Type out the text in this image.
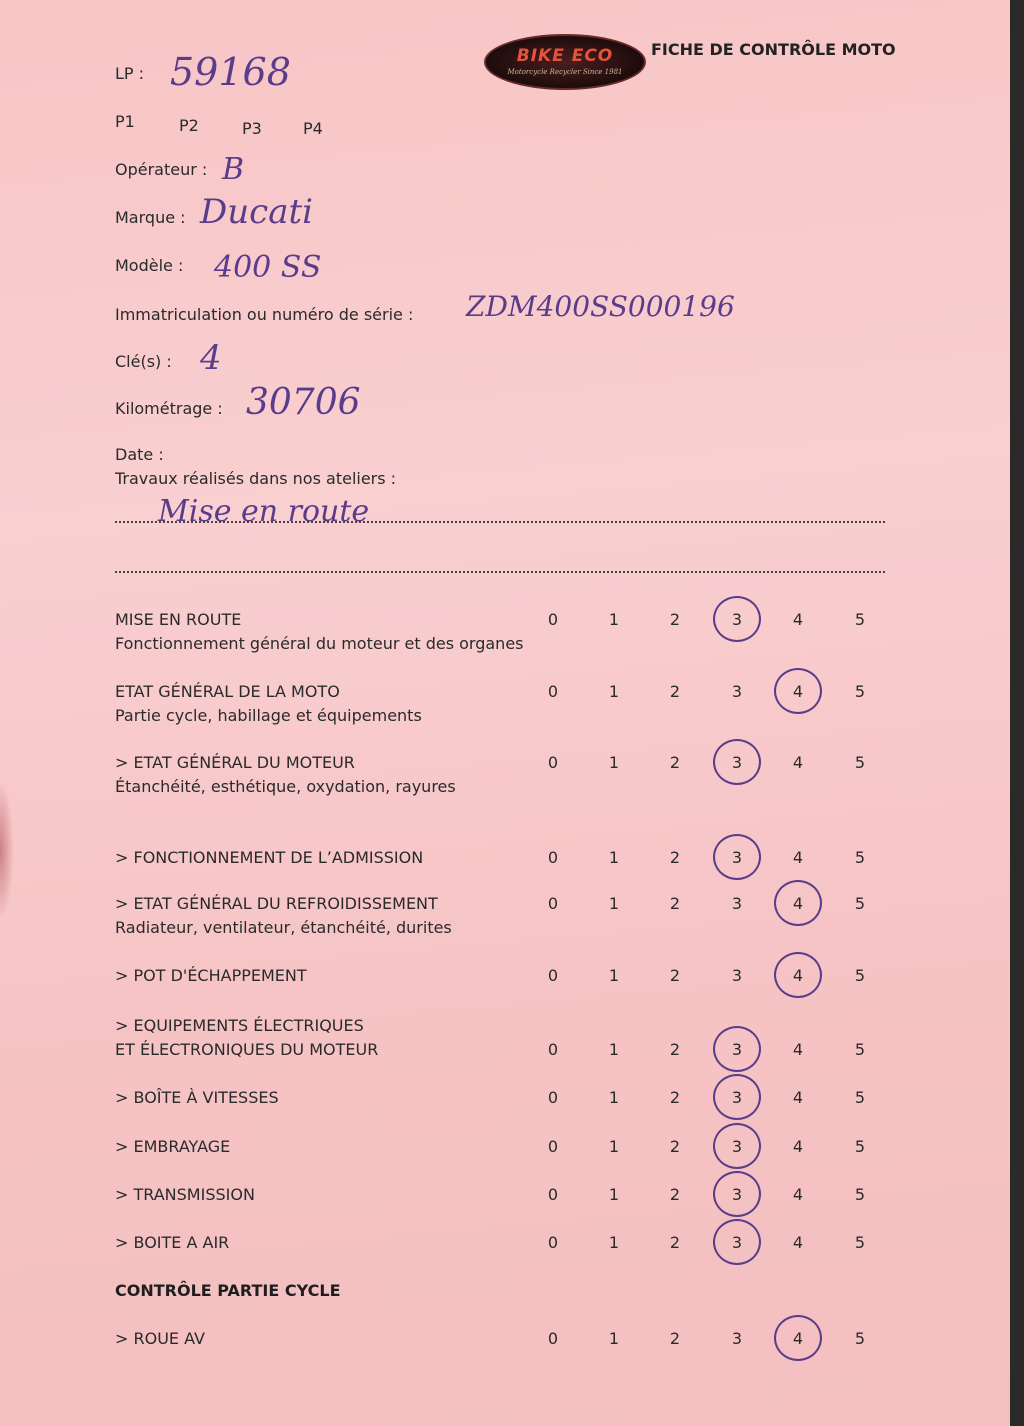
BIKE ECO
Motorcycle Recycler Since 1981
FICHE DE CONTRÔLE MOTO
LP : 59168
P1	P2	P3	P4
Opérateur : B
Marque : Ducati
Modèle : 400 SS
Immatriculation ou numéro de série : ZDM400SS000196
Clé(s) : 4
Kilométrage : 30706
Date :
Travaux réalisés dans nos ateliers :
Mise en route
MISE EN ROUTE
Fonctionnement général du moteur et des organes
0	1	2	3	4	5
ETAT GÉNÉRAL DE LA MOTO
Partie cycle, habillage et équipements
0	1	2	3	4	5
> ETAT GÉNÉRAL DU MOTEUR
Étanchéité, esthétique, oxydation, rayures
0	1	2	3	4	5
> FONCTIONNEMENT DE L’ADMISSION	0	1	2	3	4	5
> ETAT GÉNÉRAL DU REFROIDISSEMENT
Radiateur, ventilateur, étanchéité, durites
0	1	2	3	4	5
> POT D'ÉCHAPPEMENT	0	1	2	3	4	5
> EQUIPEMENTS ÉLECTRIQUES
ET ÉLECTRONIQUES DU MOTEUR	0	1	2	3	4	5
> BOÎTE À VITESSES	0	1	2	3	4	5
> EMBRAYAGE	0	1	2	3	4	5
> TRANSMISSION	0	1	2	3	4	5
> BOITE A AIR	0	1	2	3	4	5
CONTRÔLE PARTIE CYCLE
> ROUE AV	0	1	2	3	4	5
